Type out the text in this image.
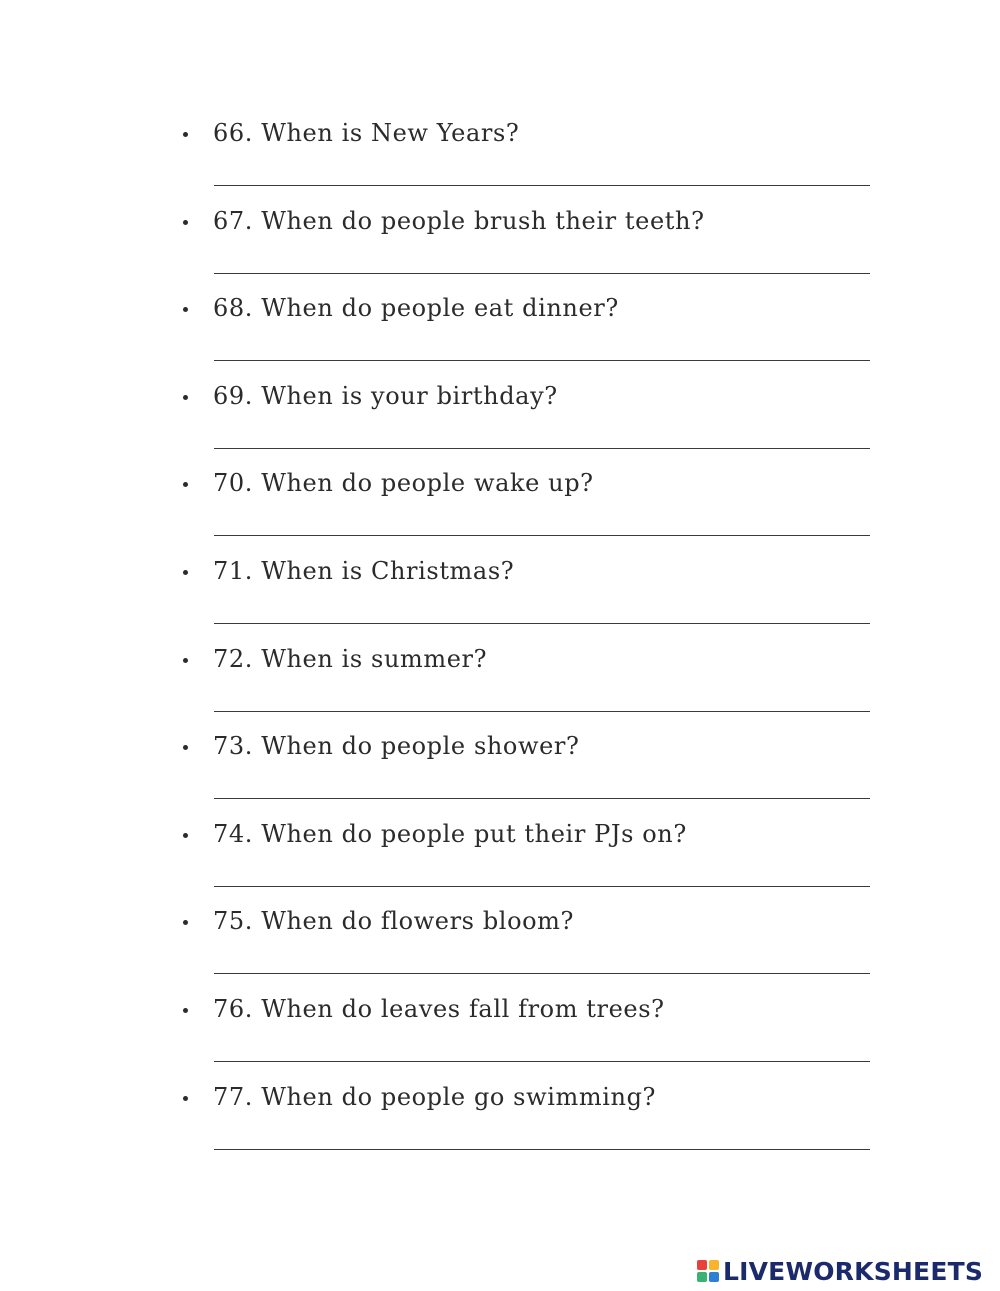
66. When is New Years?
67. When do people brush their teeth?
68. When do people eat dinner?
69. When is your birthday?
70. When do people wake up?
71. When is Christmas?
72. When is summer?
73. When do people shower?
74. When do people put their PJs on?
75. When do flowers bloom?
76. When do leaves fall from trees?
77. When do people go swimming?
LIVEWORKSHEETS
